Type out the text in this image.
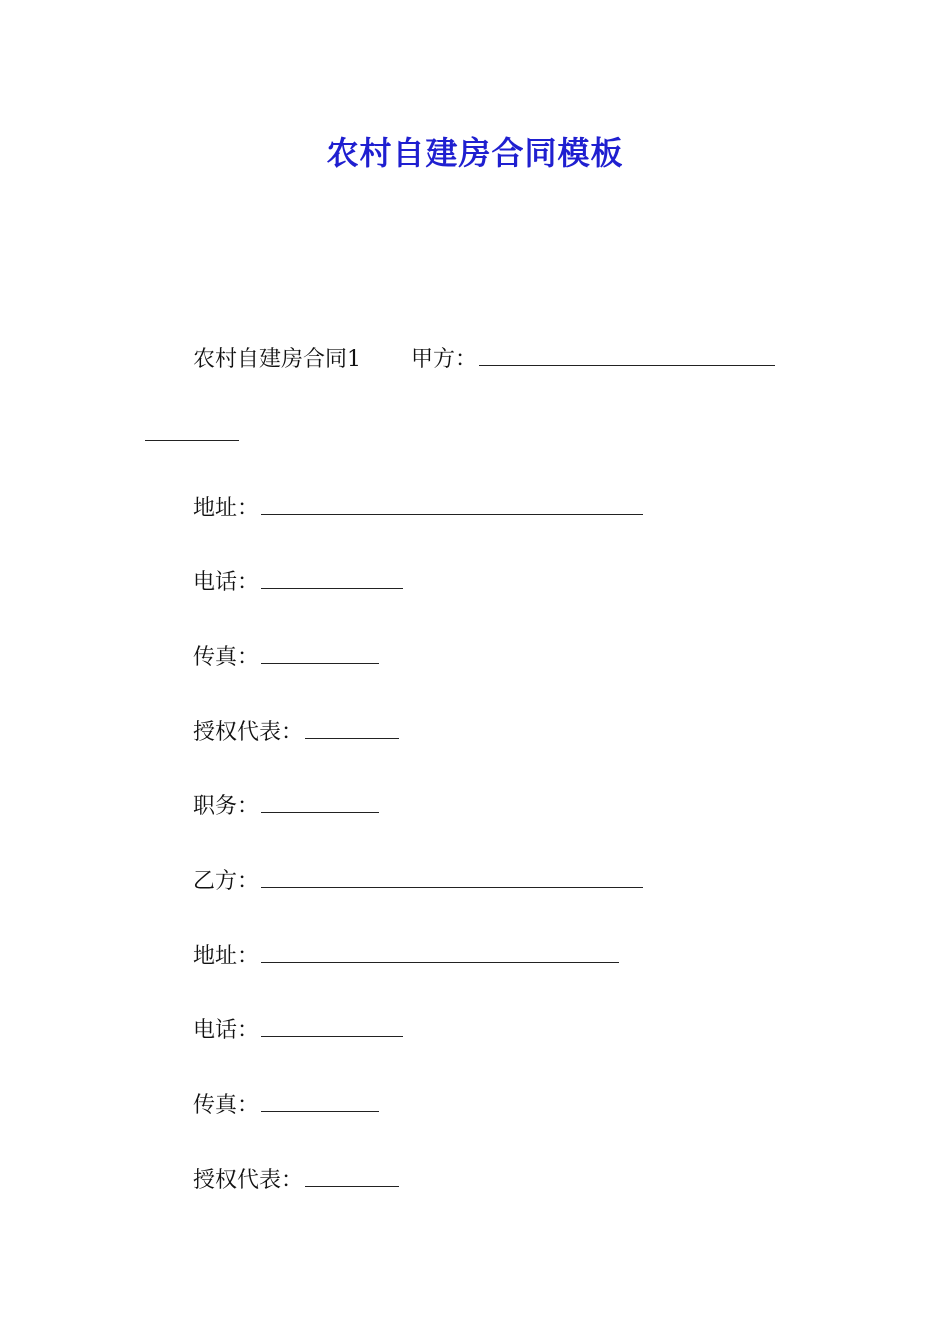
农村自建房合同模板
农村自建房合同1 甲方：
地址：
电话：
传真：
授权代表：
职务：
乙方：
地址：
电话：
传真：
授权代表：
